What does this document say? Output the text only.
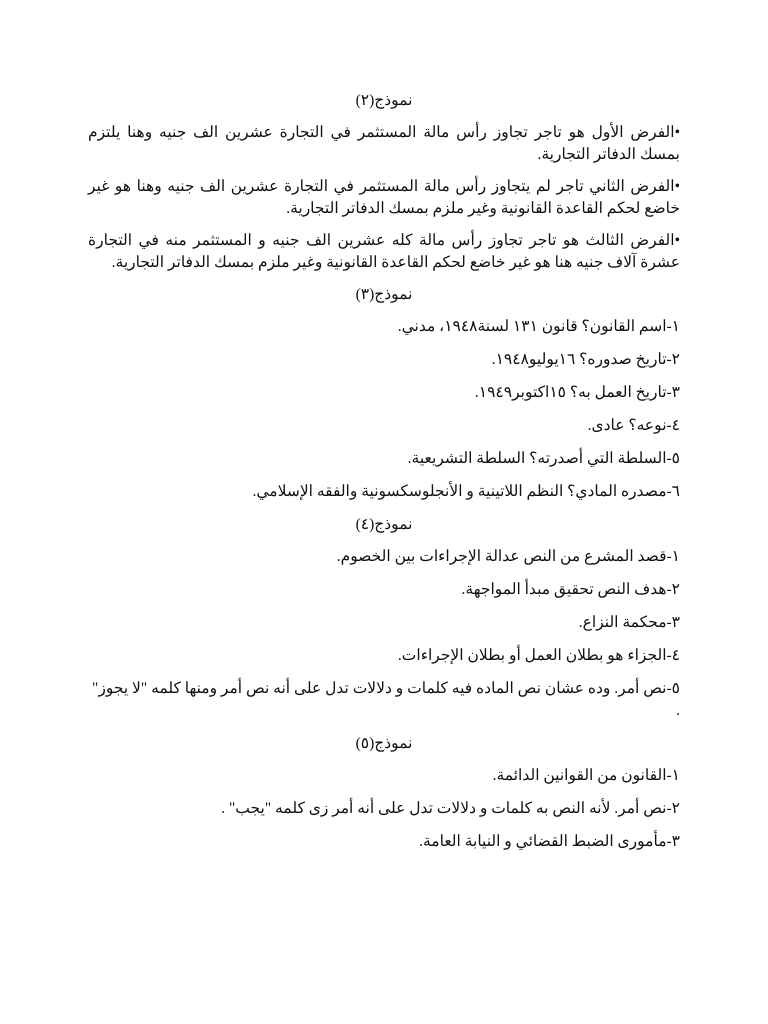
نموذج(٢)

•الفرض الأول هو تاجر تجاوز رأس مالة المستثمر في التجارة عشرين الف جنيه وهنا يلتزم بمسك الدفاتر التجارية.

•الفرض الثاني تاجر لم يتجاوز رأس مالة المستثمر في التجارة عشرين الف جنيه وهنا هو غير خاضع لحكم القاعدة القانونية وغير ملزم بمسك الدفاتر التجارية.

•الفرض الثالث هو تاجر تجاوز رأس مالة كله عشرين الف جنيه و المستثمر منه في التجارة عشرة آلاف جنيه هنا هو غير خاضع لحكم القاعدة القانونية وغير ملزم بمسك الدفاتر التجارية.

نموذج(٣)

١-اسم القانون؟ قانون ١٣١ لسنة١٩٤٨، مدني.

٢-تاريخ صدوره؟ ١٦يوليو١٩٤٨.

٣-تاريخ العمل به؟ ١٥اكتوبر١٩٤٩.

٤-نوعه؟ عادى.

٥-السلطة التي أصدرته؟ السلطة التشريعية.

٦-مصدره المادي؟ النظم اللاتينية و الأنجلوسكسونية والفقه الإسلامي.

نموذج(٤)

١-قصد المشرع من النص عدالة الإجراءات بين الخصوم.

٢-هدف النص تحقيق مبدأ المواجهة.

٣-محكمة النزاع.

٤-الجزاء هو بطلان العمل أو بطلان الإجراءات.

٥-نص أمر. وده عشان نص الماده فيه كلمات و دلالات تدل على أنه نص أمر ومنها كلمه "لا يجوز" .

نموذج(٥)

١-القانون من القوانين الدائمة.

٢-نص أمر. لأنه النص به كلمات و دلالات تدل على أنه أمر زى كلمه "يجب" .

٣-مأمورى الضبط القضائي و النيابة العامة.
